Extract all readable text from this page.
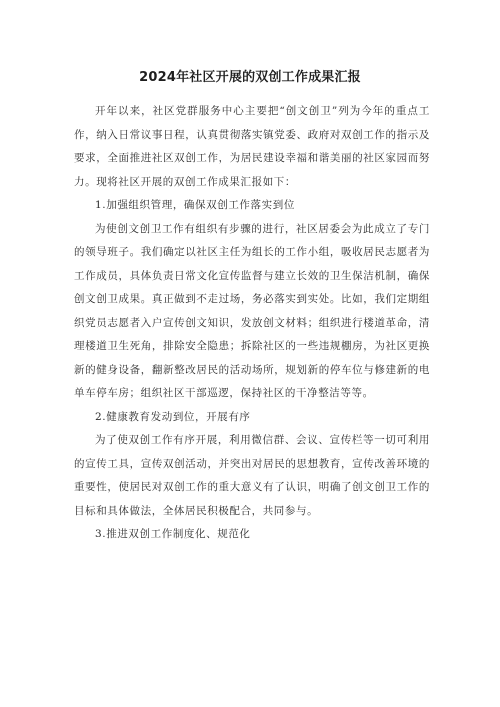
2024年社区开展的双创工作成果汇报

开年以来，社区党群服务中心主要把“创文创卫”列为今年的重点工作，纳入日常议事日程，认真贯彻落实镇党委、政府对双创工作的指示及要求，全面推进社区双创工作，为居民建设幸福和谐美丽的社区家园而努力。现将社区开展的双创工作成果汇报如下：

1.加强组织管理，确保双创工作落实到位

为使创文创卫工作有组织有步骤的进行，社区居委会为此成立了专门的领导班子。我们确定以社区主任为组长的工作小组，吸收居民志愿者为工作成员，具体负责日常文化宣传监督与建立长效的卫生保洁机制，确保创文创卫成果。真正做到不走过场，务必落实到实处。比如，我们定期组织党员志愿者入户宣传创文知识，发放创文材料；组织进行楼道革命，清理楼道卫生死角，排除安全隐患；拆除社区的一些违规棚房，为社区更换新的健身设备，翻新整改居民的活动场所，规划新的停车位与修建新的电单车停车房；组织社区干部巡逻，保持社区的干净整洁等等。

2.健康教育发动到位，开展有序

为了使双创工作有序开展，利用微信群、会议、宣传栏等一切可利用的宣传工具，宣传双创活动，并突出对居民的思想教育，宣传改善环境的重要性，使居民对双创工作的重大意义有了认识，明确了创文创卫工作的目标和具体做法，全体居民积极配合，共同参与。

3.推进双创工作制度化、规范化
